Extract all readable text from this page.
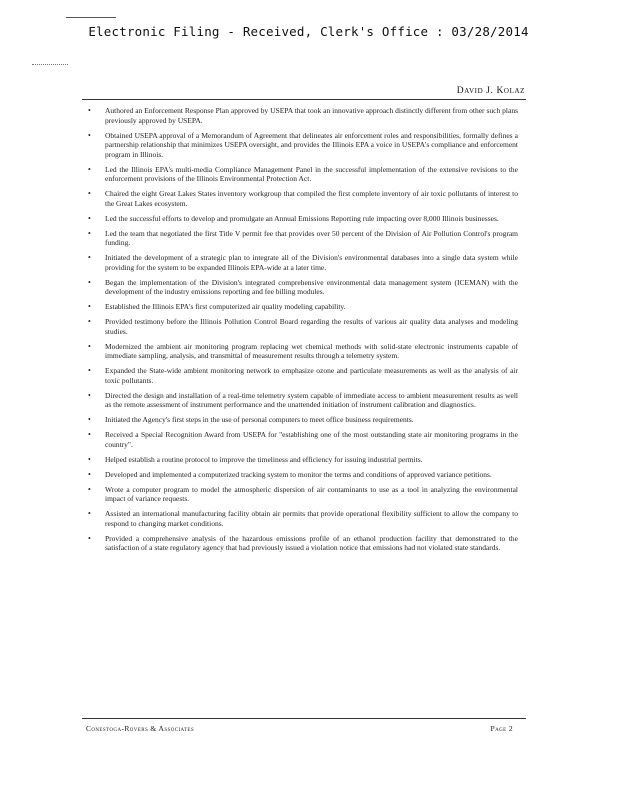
Electronic Filing - Received, Clerk's Office : 03/28/2014
David J. Kolaz
• Authored an Enforcement Response Plan approved by USEPA that took an innovative approach distinctly different from other such plans previously approved by USEPA.
• Obtained USEPA approval of a Memorandum of Agreement that delineates air enforcement roles and responsibilities, formally defines a partnership relationship that minimizes USEPA oversight, and provides the Illinois EPA a voice in USEPA's compliance and enforcement program in Illinois.
• Led the Illinois EPA's multi-media Compliance Management Panel in the successful implementation of the extensive revisions to the enforcement provisions of the Illinois Environmental Protection Act.
• Chaired the eight Great Lakes States inventory workgroup that compiled the first complete inventory of air toxic pollutants of interest to the Great Lakes ecosystem.
• Led the successful efforts to develop and promulgate an Annual Emissions Reporting rule impacting over 8,000 Illinois businesses.
• Led the team that negotiated the first Title V permit fee that provides over 50 percent of the Division of Air Pollution Control's program funding.
• Initiated the development of a strategic plan to integrate all of the Division's environmental databases into a single data system while providing for the system to be expanded Illinois EPA-wide at a later time.
• Began the implementation of the Division's integrated comprehensive environmental data management system (ICEMAN) with the development of the industry emissions reporting and fee billing modules.
• Established the Illinois EPA's first computerized air quality modeling capability.
• Provided testimony before the Illinois Pollution Control Board regarding the results of various air quality data analyses and modeling studies.
• Modernized the ambient air monitoring program replacing wet chemical methods with solid-state electronic instruments capable of immediate sampling, analysis, and transmittal of measurement results through a telemetry system.
• Expanded the State-wide ambient monitoring network to emphasize ozone and particulate measurements as well as the analysis of air toxic pollutants.
• Directed the design and installation of a real-time telemetry system capable of immediate access to ambient measurement results as well as the remote assessment of instrument performance and the unattended initiation of instrument calibration and diagnostics.
• Initiated the Agency's first steps in the use of personal computers to meet office business requirements.
• Received a Special Recognition Award from USEPA for "establishing one of the most outstanding state air monitoring programs in the country".
• Helped establish a routine protocol to improve the timeliness and efficiency for issuing industrial permits.
• Developed and implemented a computerized tracking system to monitor the terms and conditions of approved variance petitions.
• Wrote a computer program to model the atmospheric dispersion of air contaminants to use as a tool in analyzing the environmental impact of variance requests.
• Assisted an international manufacturing facility obtain air permits that provide operational flexibility sufficient to allow the company to respond to changing market conditions.
• Provided a comprehensive analysis of the hazardous emissions profile of an ethanol production facility that demonstrated to the satisfaction of a state regulatory agency that had previously issued a violation notice that emissions had not violated state standards.
Conestoga-Rovers & Associates	Page 2
